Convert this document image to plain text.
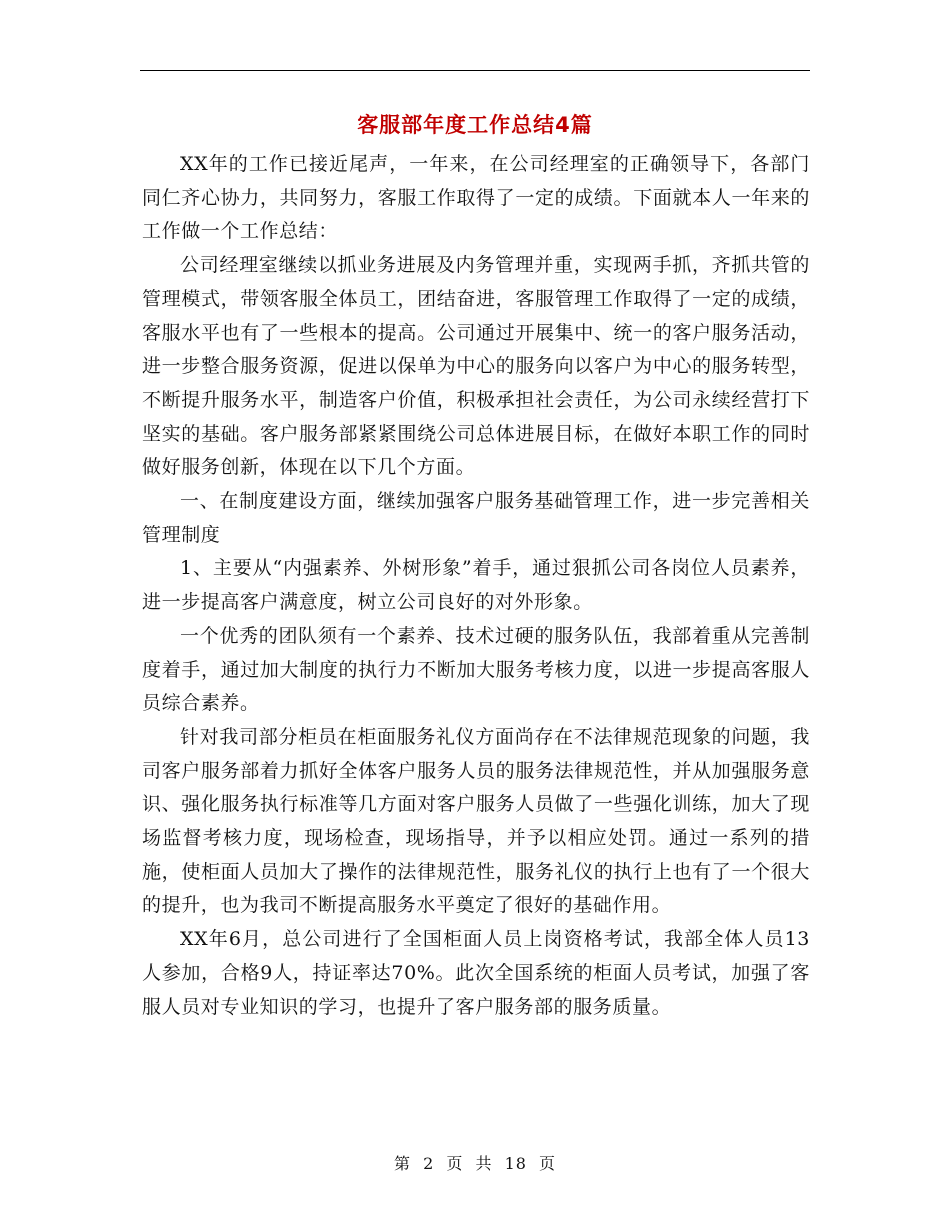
客服部年度工作总结4篇

XX年的工作已接近尾声，一年来，在公司经理室的正确领导下，各部门同仁齐心协力，共同努力，客服工作取得了一定的成绩。下面就本人一年来的工作做一个工作总结：

公司经理室继续以抓业务进展及内务管理并重，实现两手抓，齐抓共管的管理模式，带领客服全体员工，团结奋进，客服管理工作取得了一定的成绩，客服水平也有了一些根本的提高。公司通过开展集中、统一的客户服务活动，进一步整合服务资源，促进以保单为中心的服务向以客户为中心的服务转型，不断提升服务水平，制造客户价值，积极承担社会责任，为公司永续经营打下坚实的基础。客户服务部紧紧围绕公司总体进展目标，在做好本职工作的同时做好服务创新，体现在以下几个方面。

一、在制度建设方面，继续加强客户服务基础管理工作，进一步完善相关管理制度

1、主要从“内强素养、外树形象”着手，通过狠抓公司各岗位人员素养，进一步提高客户满意度，树立公司良好的对外形象。

一个优秀的团队须有一个素养、技术过硬的服务队伍，我部着重从完善制度着手，通过加大制度的执行力不断加大服务考核力度，以进一步提高客服人员综合素养。

针对我司部分柜员在柜面服务礼仪方面尚存在不法律规范现象的问题，我司客户服务部着力抓好全体客户服务人员的服务法律规范性，并从加强服务意识、强化服务执行标准等几方面对客户服务人员做了一些强化训练，加大了现场监督考核力度，现场检查，现场指导，并予以相应处罚。通过一系列的措施，使柜面人员加大了操作的法律规范性，服务礼仪的执行上也有了一个很大的提升，也为我司不断提高服务水平奠定了很好的基础作用。

XX年6月，总公司进行了全国柜面人员上岗资格考试，我部全体人员13人参加，合格9人，持证率达70%。此次全国系统的柜面人员考试，加强了客服人员对专业知识的学习，也提升了客户服务部的服务质量。

第 2 页 共 18 页
